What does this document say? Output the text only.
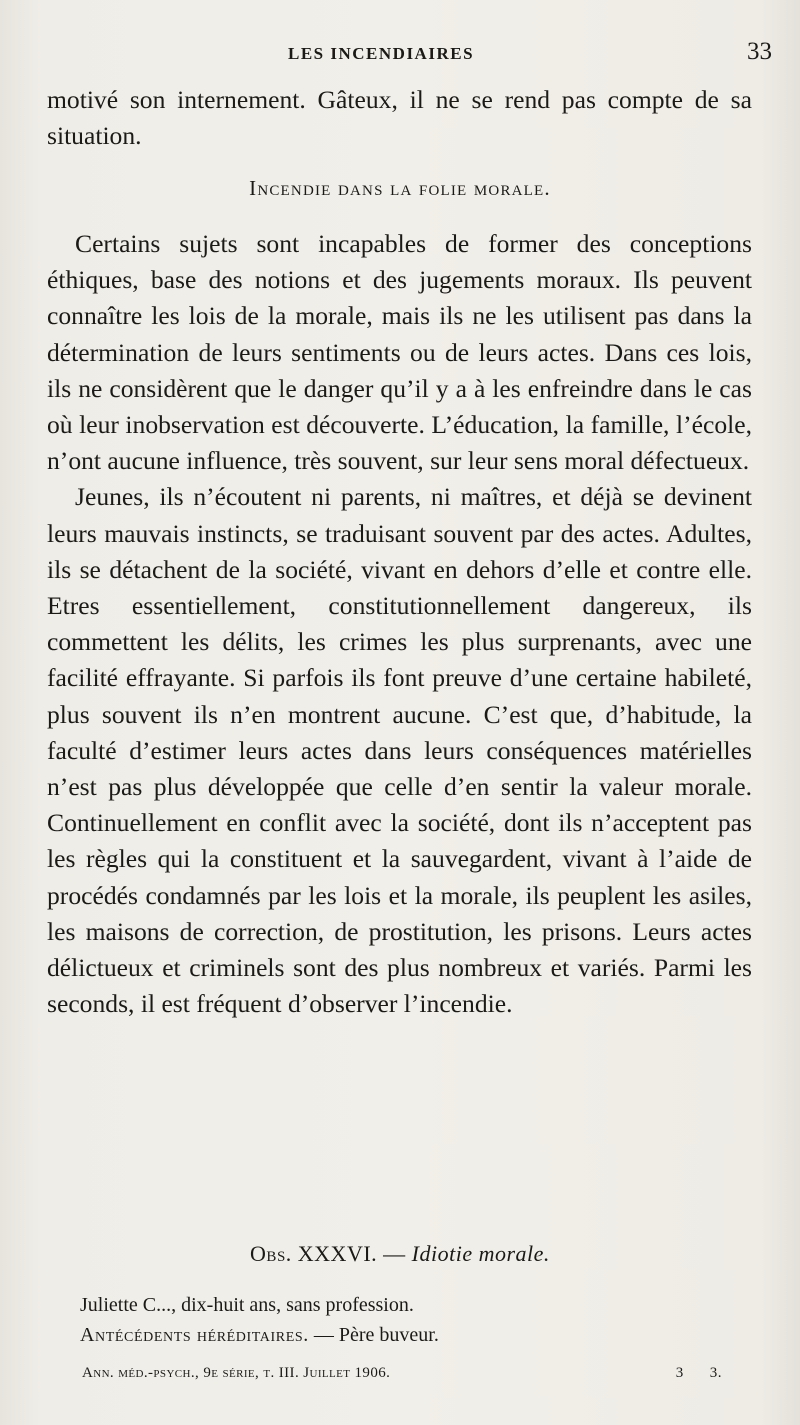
LES INCENDIAIRES	33

motivé son internement. Gâteux, il ne se rend pas compte de sa situation.

Incendie dans la folie morale.

Certains sujets sont incapables de former des conceptions éthiques, base des notions et des jugements moraux. Ils peuvent connaître les lois de la morale, mais ils ne les utilisent pas dans la détermination de leurs sentiments ou de leurs actes. Dans ces lois, ils ne considèrent que le danger qu’il y a à les enfreindre dans le cas où leur inobservation est découverte. L’éducation, la famille, l’école, n’ont aucune influence, très souvent, sur leur sens moral défectueux.

Jeunes, ils n’écoutent ni parents, ni maîtres, et déjà se devinent leurs mauvais instincts, se traduisant souvent par des actes. Adultes, ils se détachent de la société, vivant en dehors d’elle et contre elle. Etres essentiellement, constitutionnellement dangereux, ils commettent les délits, les crimes les plus surprenants, avec une facilité effrayante. Si parfois ils font preuve d’une certaine habileté, plus souvent ils n’en montrent aucune. C’est que, d’habitude, la faculté d’estimer leurs actes dans leurs conséquences matérielles n’est pas plus développée que celle d’en sentir la valeur morale. Continuellement en conflit avec la société, dont ils n’acceptent pas les règles qui la constituent et la sauvegardent, vivant à l’aide de procédés condamnés par les lois et la morale, ils peuplent les asiles, les maisons de correction, de prostitution, les prisons. Leurs actes délictueux et criminels sont des plus nombreux et variés. Parmi les seconds, il est fréquent d’observer l’incendie.

Obs. XXXVI. — Idiotie morale.
Juliette C..., dix-huit ans, sans profession.
Antécédents héréditaires. — Père buveur.
Ann. méd.-psych., 9e série, t. III. Juillet 1906.	3 3.
